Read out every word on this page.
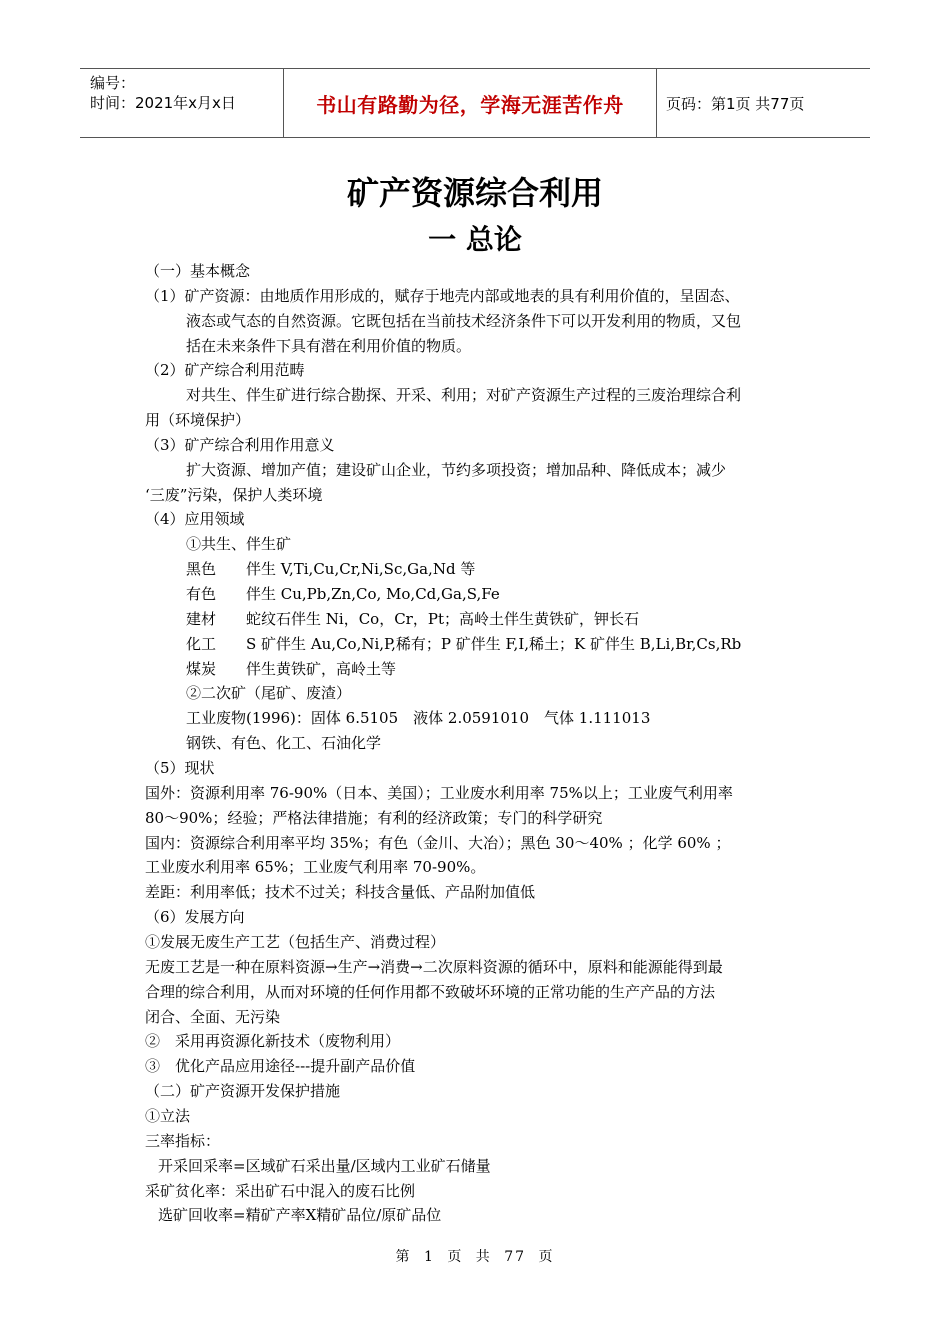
编号：
时间：2021年x月x日	书山有路勤为径，学海无涯苦作舟	页码：第1页 共77页
矿产资源综合利用
一 总论
（一）基本概念
（1）矿产资源：由地质作用形成的，赋存于地壳内部或地表的具有利用价值的，呈固态、
液态或气态的自然资源。它既包括在当前技术经济条件下可以开发利用的物质，又包
括在未来条件下具有潜在利用价值的物质。
（2）矿产综合利用范畴
对共生、伴生矿进行综合勘探、开采、利用；对矿产资源生产过程的三废治理综合利
用（环境保护）
（3）矿产综合利用作用意义
扩大资源、增加产值；建设矿山企业，节约多项投资；增加品种、降低成本；减少
‘三废”污染，保护人类环境
（4）应用领域
①共生、伴生矿
黑色　　伴生 V,Ti,Cu,Cr,Ni,Sc,Ga,Nd 等
有色　　伴生 Cu,Pb,Zn,Co, Mo,Cd,Ga,S,Fe
建材　　蛇纹石伴生 Ni，Co，Cr，Pt；高岭土伴生黄铁矿，钾长石
化工　　S 矿伴生 Au,Co,Ni,P,稀有；P 矿伴生 F,I,稀土；K 矿伴生 B,Li,Br,Cs,Rb
煤炭　　伴生黄铁矿，高岭土等
②二次矿（尾矿、废渣）
工业废物(1996)：固体 6.5105　液体 2.0591010　气体 1.111013
钢铁、有色、化工、石油化学
（5）现状
国外：资源利用率 76-90%（日本、美国）；工业废水利用率 75%以上；工业废气利用率
80～90%；经验；严格法律措施；有利的经济政策；专门的科学研究
国内：资源综合利用率平均 35%；有色（金川、大冶）；黑色 30～40% ；化学 60% ；
工业废水利用率 65%；工业废气利用率 70-90%。
差距：利用率低；技术不过关；科技含量低、产品附加值低
（6）发展方向
①发展无废生产工艺（包括生产、消费过程）
无废工艺是一种在原料资源→生产→消费→二次原料资源的循环中，原料和能源能得到最
合理的综合利用，从而对环境的任何作用都不致破坏环境的正常功能的生产产品的方法
闭合、全面、无污染
②　采用再资源化新技术（废物利用）
③　优化产品应用途径---提升副产品价值
（二）矿产资源开发保护措施
①立法
三率指标：
开采回采率=区域矿石采出量/区域内工业矿石储量
采矿贫化率：采出矿石中混入的废石比例
选矿回收率=精矿产率Χ精矿品位/原矿品位
第 1 页 共 77 页
